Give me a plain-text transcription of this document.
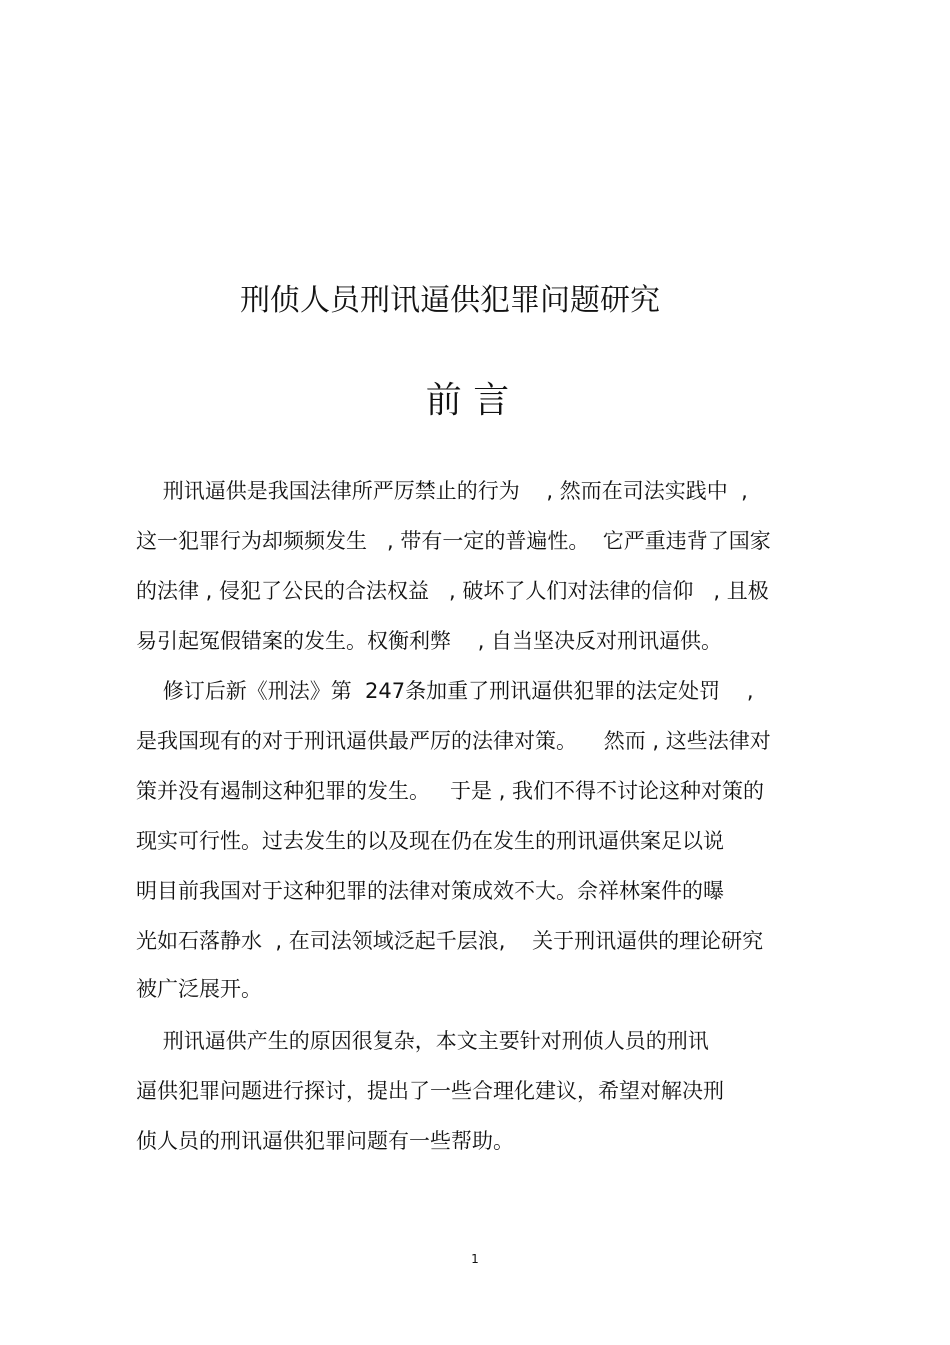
刑侦人员刑讯逼供犯罪问题研究
前 言
刑讯逼供是我国法律所严厉禁止的行为    , 然而在司法实践中  ,
这一犯罪行为却频频发生   , 带有一定的普遍性。  它严重违背了国家
的法律 , 侵犯了公民的合法权益   , 破坏了人们对法律的信仰   , 且极
易引起冤假错案的发生。权衡利弊    , 自当坚决反对刑讯逼供。
修订后新《刑法》第  247条加重了刑讯逼供犯罪的法定处罚    ,
是我国现有的对于刑讯逼供最严厉的法律对策。    然而 , 这些法律对
策并没有遏制这种犯罪的发生。   于是 , 我们不得不讨论这种对策的
现实可行性。过去发生的以及现在仍在发生的刑讯逼供案足以说
明目前我国对于这种犯罪的法律对策成效不大。佘祥林案件的曝
光如石落静水  , 在司法领域泛起千层浪,    关于刑讯逼供的理论研究
被广泛展开。
刑讯逼供产生的原因很复杂，本文主要针对刑侦人员的刑讯
逼供犯罪问题进行探讨，提出了一些合理化建议，希望对解决刑
侦人员的刑讯逼供犯罪问题有一些帮助。
1
